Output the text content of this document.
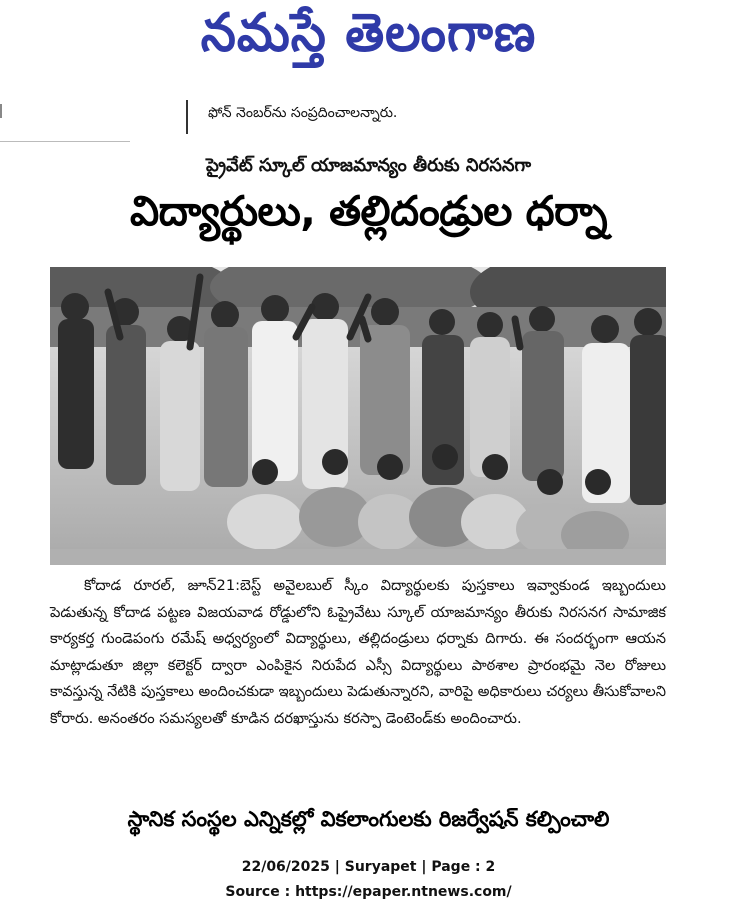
నమస్తే తెలంగాణ
ఫోన్ నెంబర్‌ను సంప్రదించాలన్నారు.
ప్రైవేట్ స్కూల్ యాజమాన్యం తీరుకు నిరసనగా
విద్యార్థులు, తల్లిదండ్రుల ధర్నా

కోదాడ రూరల్, జూన్21:బెస్ట్ అవైలబుల్ స్కీం విద్యార్థులకు పుస్తకాలు ఇవ్వాకుండ ఇబ్బందులు పెడుతున్న కోదాడ పట్టణ విజయవాడ రోడ్డులోని ఓప్రైవేటు స్కూల్ యాజమాన్యం తీరుకు నిరసనగ సామాజిక కార్యకర్త గుండెపంగు రమేష్ అధ్వర్యంలో విద్యార్థులు, తల్లిదండ్రులు ధర్నాకు దిగారు. ఈ సందర్భంగా ఆయన మాట్లాడుతూ జిల్లా కలెక్టర్ ద్వారా ఎంపికైన నిరుపేద ఎస్సీ విద్యార్థులు పాఠశాల ప్రారంభమై నెల రోజులు కావస్తున్న నేటికి పుస్తకాలు అందించకుడా ఇబ్బందులు పెడుతున్నారని, వారిపై అధికారులు చర్యలు తీసుకోవాలని కోరారు. అనంతరం సమస్యలతో కూడిన దరఖాస్తును కరస్పా డెంటెండ్‌కు అందించారు.

స్థానిక సంస్థల ఎన్నికల్లో వికలాంగులకు రిజర్వేషన్ కల్పించాలి
22/06/2025 | Suryapet | Page : 2
Source : https://epaper.ntnews.com/
